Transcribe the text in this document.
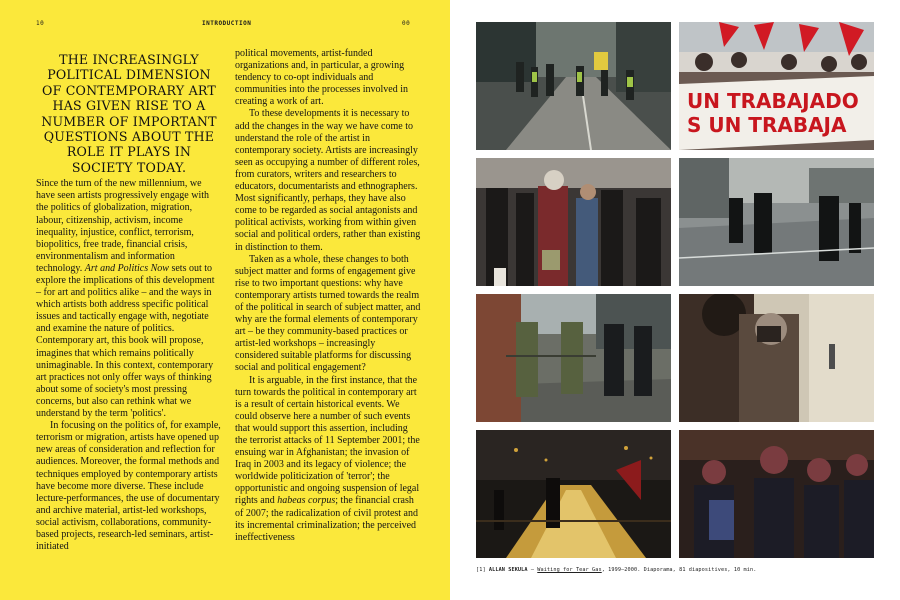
10	INTRODUCTION	00
THE INCREASINGLY POLITICAL DIMENSION OF CONTEMPORARY ART HAS GIVEN RISE TO A NUMBER OF IMPORTANT QUESTIONS ABOUT THE ROLE IT PLAYS IN SOCIETY TODAY.

Since the turn of the new millennium, we have seen artists progressively engage with the politics of globalization, migration, labour, citizenship, activism, income inequality, injustice, conflict, terrorism, biopolitics, free trade, financial crisis, environmentalism and information technology. Art and Politics Now sets out to explore the implications of this development – for art and politics alike – and the ways in which artists both address specific political issues and tactically engage with, negotiate and examine the nature of politics. Contemporary art, this book will propose, imagines that which remains politically unimaginable. In this context, contemporary art practices not only offer ways of thinking about some of society's most pressing concerns, but also can rethink what we understand by the term 'politics'.

In focusing on the politics of, for example, terrorism or migration, artists have opened up new areas of consideration and reflection for audiences. Moreover, the formal methods and techniques employed by contemporary artists have become more diverse. These include lecture-performances, the use of documentary and archive material, artist-led workshops, social activism, collaborations, community-based projects, research-led seminars, artist-initiated

political movements, artist-funded organizations and, in particular, a growing tendency to co-opt individuals and communities into the processes involved in creating a work of art.

To these developments it is necessary to add the changes in the way we have come to understand the role of the artist in contemporary society. Artists are increasingly seen as occupying a number of different roles, from curators, writers and researchers to educators, documentarists and ethnographers. Most significantly, perhaps, they have also come to be regarded as social antagonists and political activists, working from within given social and political orders, rather than existing in distinction to them.

Taken as a whole, these changes to both subject matter and forms of engagement give rise to two important questions: why have contemporary artists turned towards the realm of the political in search of subject matter, and why are the formal elements of contemporary art – be they community-based practices or artist-led workshops – increasingly considered suitable platforms for discussing social and political engagement?

It is arguable, in the first instance, that the turn towards the political in contemporary art is a result of certain historical events. We could observe here a number of such events that would support this assertion, including the terrorist attacks of 11 September 2001; the ensuing war in Afghanistan; the invasion of Iraq in 2003 and its legacy of violence; the worldwide politicization of 'terror'; the opportunistic and ongoing suspension of legal rights and habeas corpus; the financial crash of 2007; the radicalization of civil protest and its incremental criminalization; the perceived ineffectiveness

UN TRABAJADO
S UN TRABAJA
[1] ALLAN SEKULA – Waiting for Tear Gas, 1999–2000. Diaporama, 81 diapositives, 10 min.
